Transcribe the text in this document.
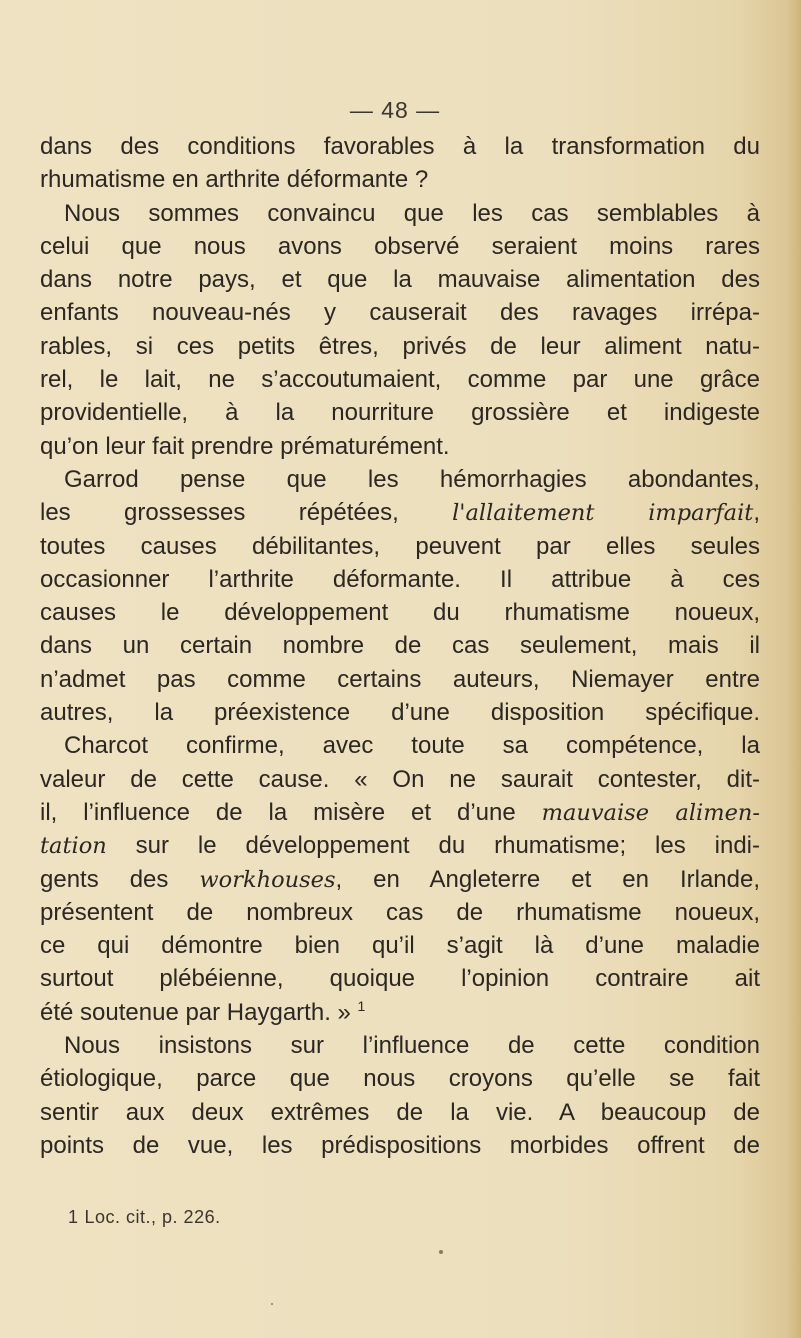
— 48 —
dans des conditions favorables à la transformation du
rhumatisme en arthrite déformante ?
Nous sommes convaincu que les cas semblables à
celui que nous avons observé seraient moins rares
dans notre pays, et que la mauvaise alimentation des
enfants nouveau-nés y causerait des ravages irrépa-
rables, si ces petits êtres, privés de leur aliment natu-
rel, le lait, ne s’accoutumaient, comme par une grâce
providentielle, à la nourriture grossière et indigeste
qu’on leur fait prendre prématurément.
Garrod pense que les hémorrhagies abondantes,
les grossesses répétées, l'allaitement imparfait,
toutes causes débilitantes, peuvent par elles seules
occasionner l’arthrite déformante. Il attribue à ces
causes le développement du rhumatisme noueux,
dans un certain nombre de cas seulement, mais il
n’admet pas comme certains auteurs, Niemayer entre
autres, la préexistence d’une disposition spécifique.
Charcot confirme, avec toute sa compétence, la
valeur de cette cause. « On ne saurait contester, dit-
il, l’influence de la misère et d’une mauvaise alimen-
tation sur le développement du rhumatisme; les indi-
gents des workhouses, en Angleterre et en Irlande,
présentent de nombreux cas de rhumatisme noueux,
ce qui démontre bien qu’il s’agit là d’une maladie
surtout plébéienne, quoique l’opinion contraire ait
été soutenue par Haygarth. » $^1$
Nous insistons sur l’influence de cette condition
étiologique, parce que nous croyons qu’elle se fait
sentir aux deux extrêmes de la vie. A beaucoup de
points de vue, les prédispositions morbides offrent de
1 Loc. cit., p. 226.
